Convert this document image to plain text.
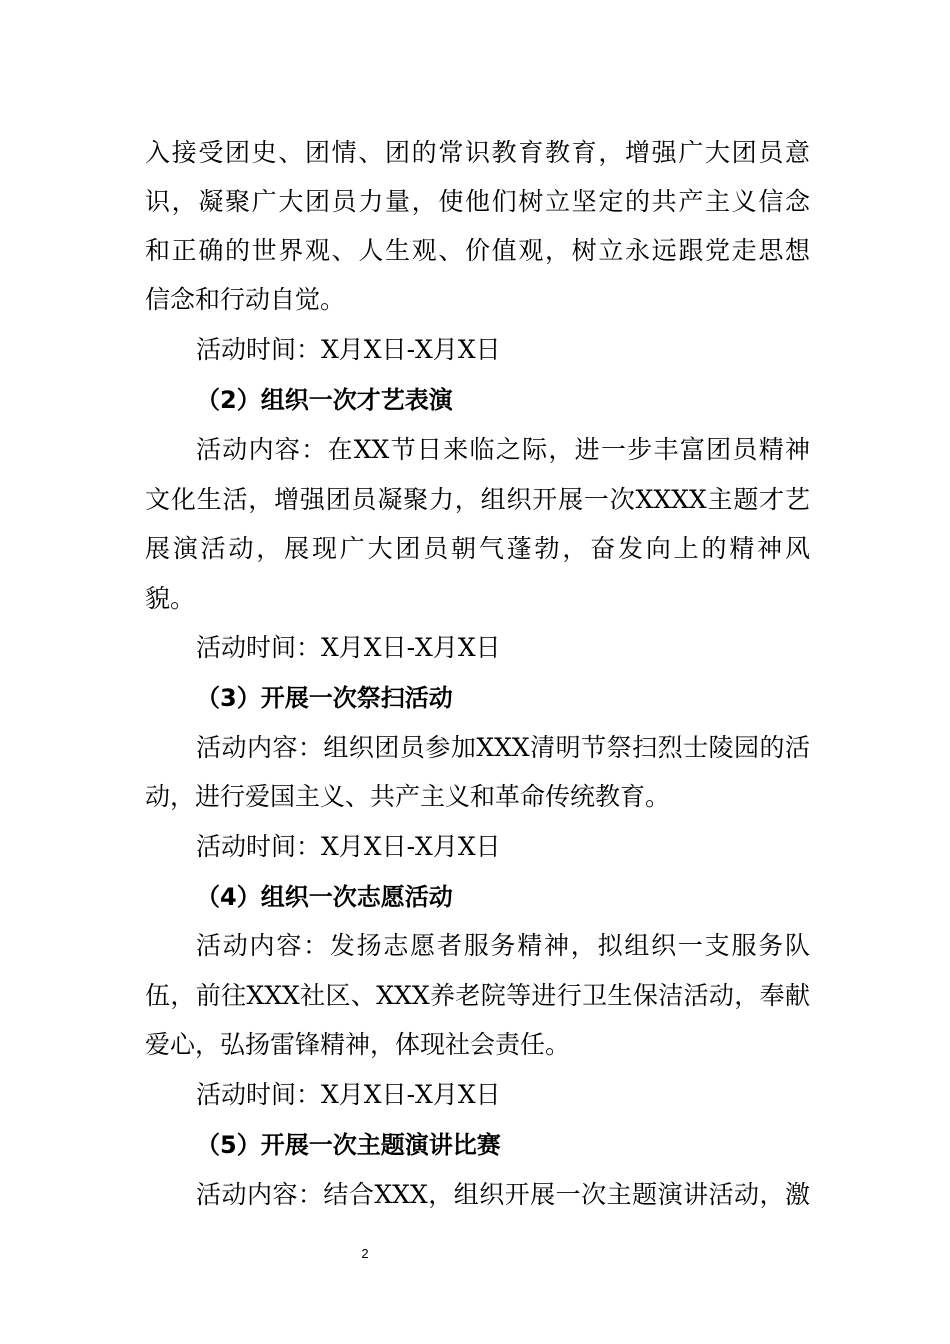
入接受团史、团情、团的常识教育教育，增强广大团员意
识，凝聚广大团员力量，使他们树立坚定的共产主义信念
和正确的世界观、人生观、价值观，树立永远跟党走思想
信念和行动自觉。
活动时间：X月X日-X月X日
（2）组织一次才艺表演
活动内容：在XX节日来临之际，进一步丰富团员精神
文化生活，增强团员凝聚力，组织开展一次XXXX主题才艺
展演活动，展现广大团员朝气蓬勃，奋发向上的精神风
貌。
活动时间：X月X日-X月X日
（3）开展一次祭扫活动
活动内容：组织团员参加XXX清明节祭扫烈士陵园的活
动，进行爱国主义、共产主义和革命传统教育。
活动时间：X月X日-X月X日
（4）组织一次志愿活动
活动内容：发扬志愿者服务精神，拟组织一支服务队
伍，前往XXX社区、XXX养老院等进行卫生保洁活动，奉献
爱心，弘扬雷锋精神，体现社会责任。
活动时间：X月X日-X月X日
（5）开展一次主题演讲比赛
活动内容：结合XXX，组织开展一次主题演讲活动，激
2
